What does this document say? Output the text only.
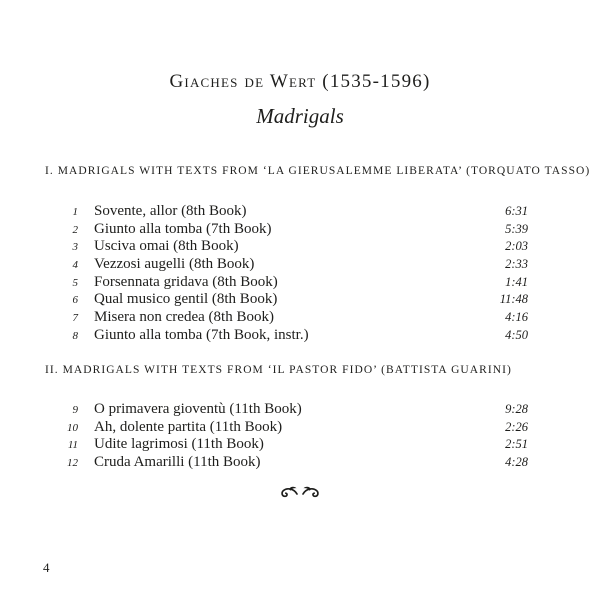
Giaches de Wert (1535-1596)
Madrigals
I. MADRIGALS WITH TEXTS FROM ‘LA GIERUSALEMME LIBERATA’ (TORQUATO TASSO)
1 Sovente, allor (8th Book)	6:31
2 Giunto alla tomba (7th Book)	5:39
3 Usciva omai (8th Book)	2:03
4 Vezzosi augelli (8th Book)	2:33
5 Forsennata gridava (8th Book)	1:41
6 Qual musico gentil (8th Book)	11:48
7 Misera non credea (8th Book)	4:16
8 Giunto alla tomba (7th Book, instr.)	4:50
II. MADRIGALS WITH TEXTS FROM ‘IL PASTOR FIDO’ (BATTISTA GUARINI)
9 O primavera gioventù (11th Book)	9:28
10 Ah, dolente partita (11th Book)	2:26
11 Udite lagrimosi (11th Book)	2:51
12 Cruda Amarilli (11th Book)	4:28
4
